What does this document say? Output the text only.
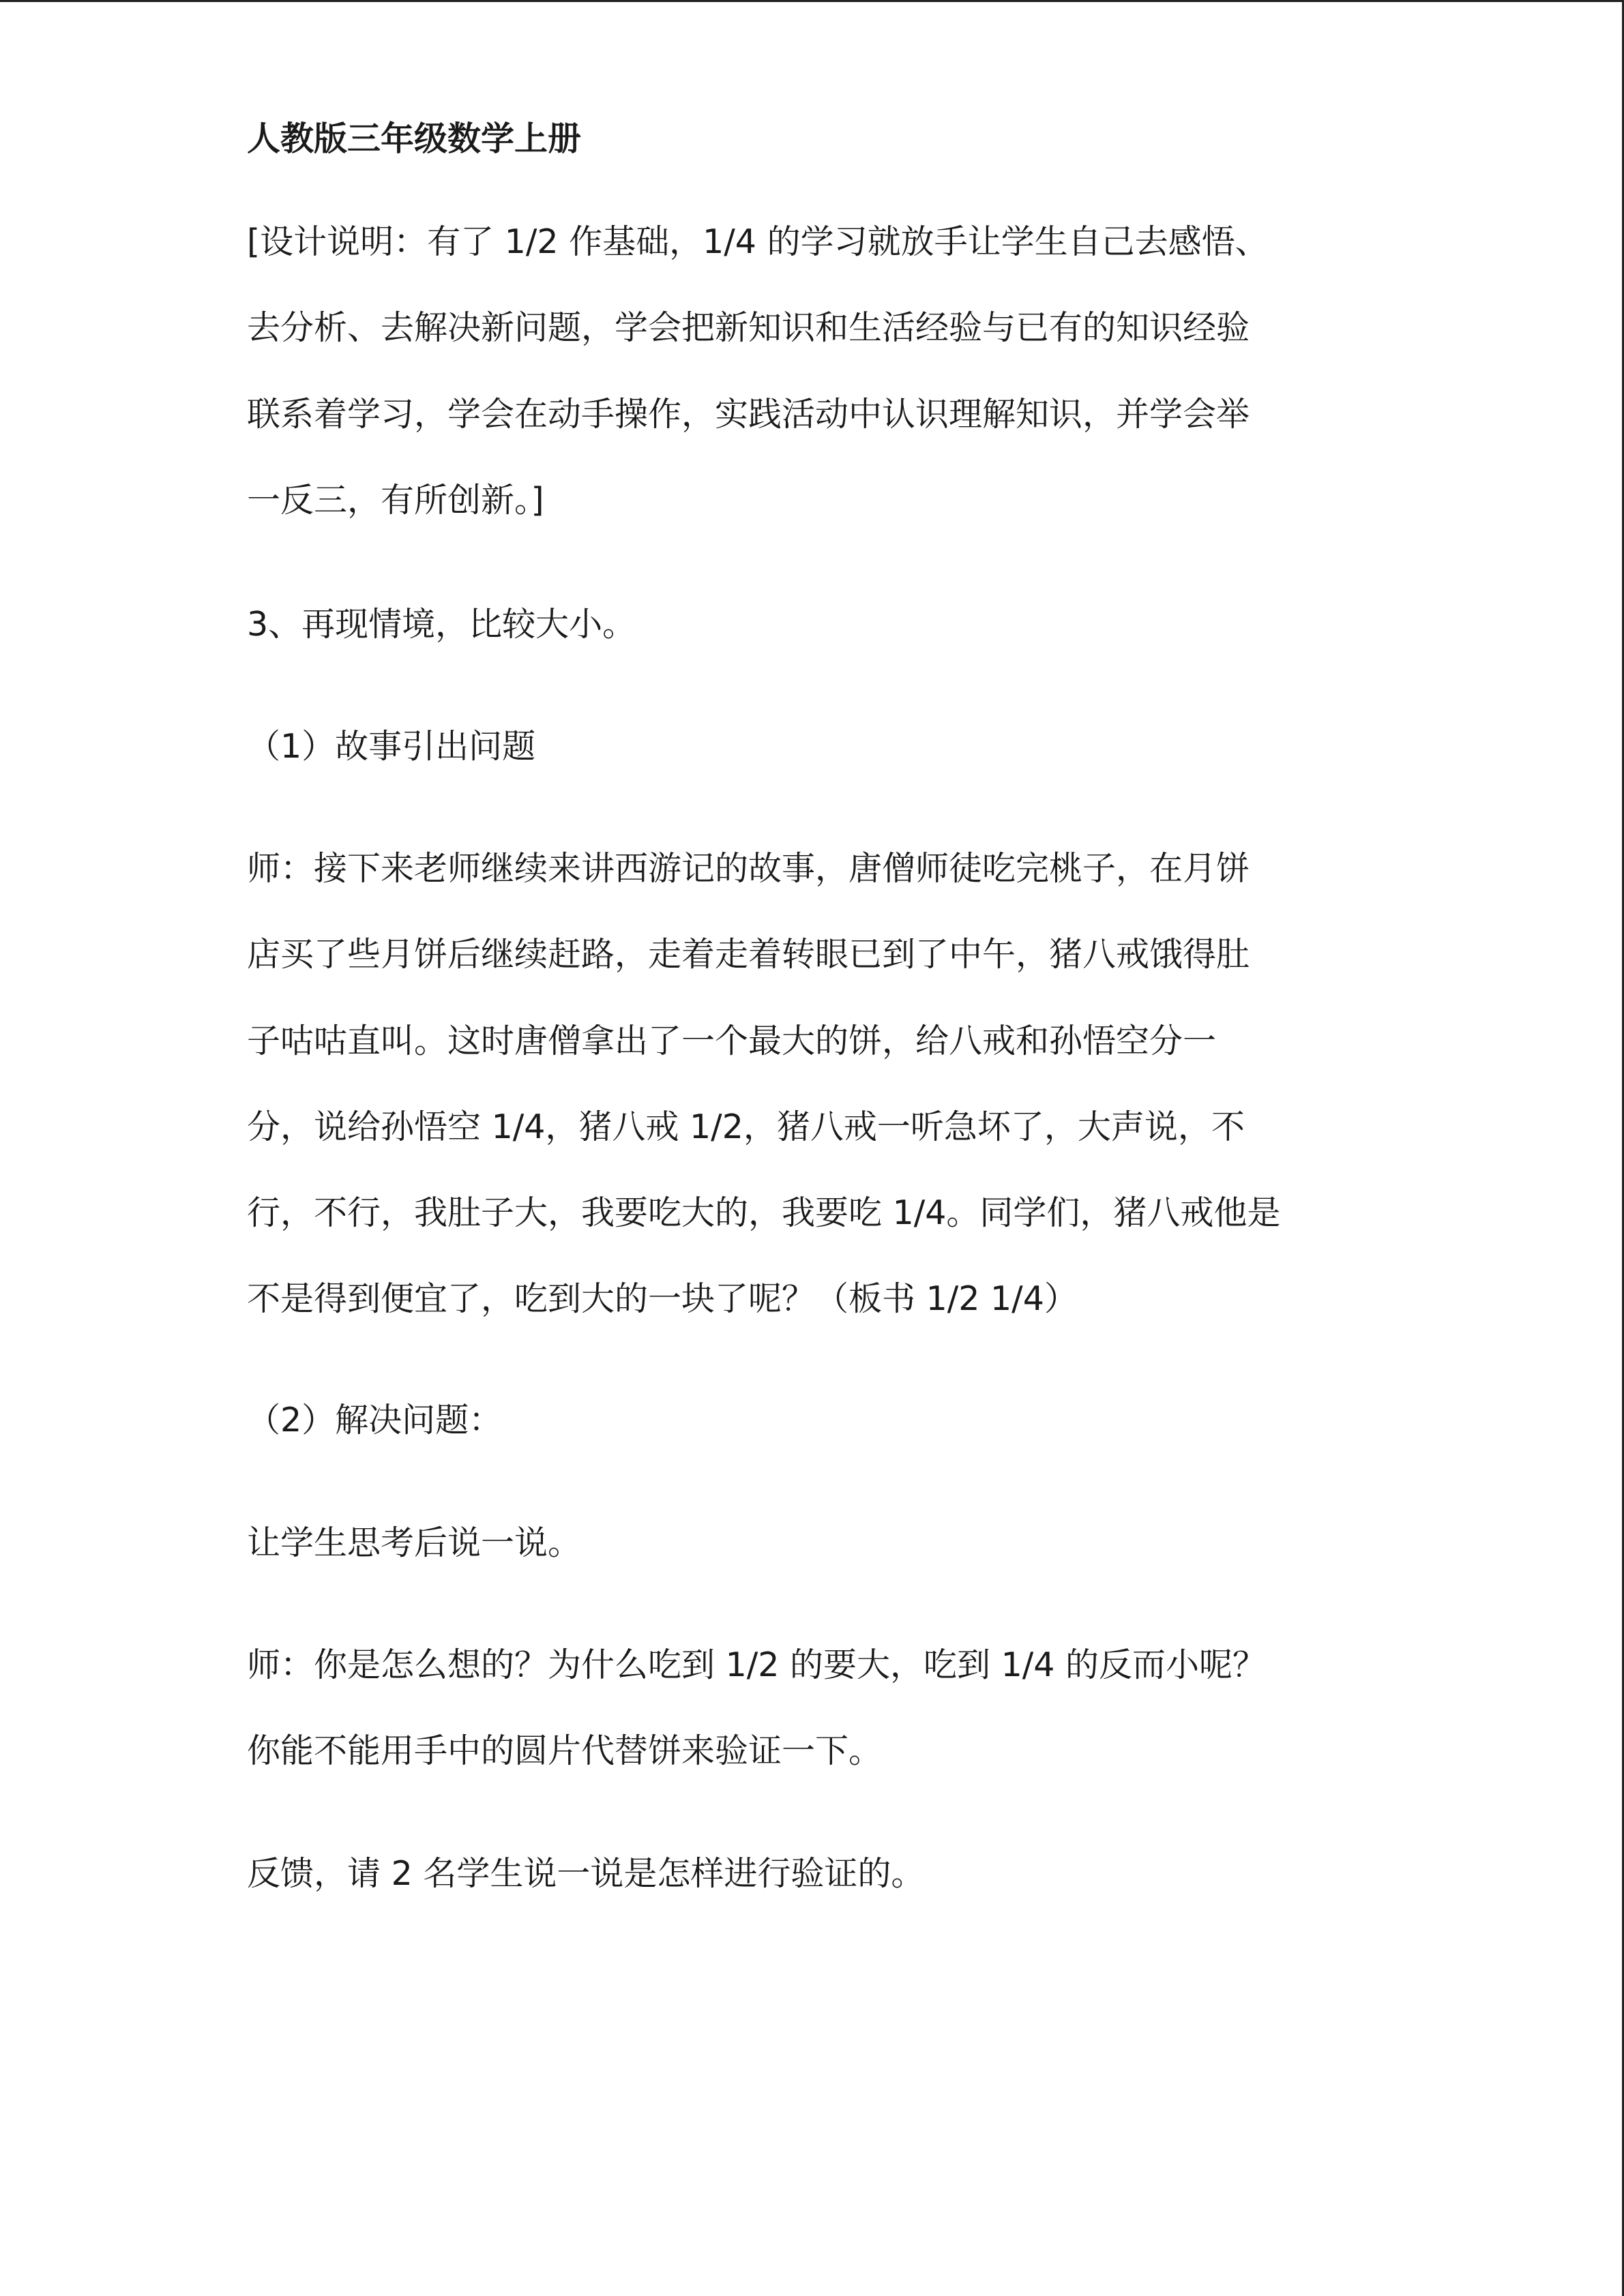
人教版三年级数学上册
[设计说明：有了 1/2 作基础，1/4 的学习就放手让学生自己去感悟、
去分析、去解决新问题，学会把新知识和生活经验与已有的知识经验
联系着学习，学会在动手操作，实践活动中认识理解知识，并学会举
一反三，有所创新。]
3、再现情境，比较大小。
（1）故事引出问题
师：接下来老师继续来讲西游记的故事，唐僧师徒吃完桃子，在月饼
店买了些月饼后继续赶路，走着走着转眼已到了中午，猪八戒饿得肚
子咕咕直叫。这时唐僧拿出了一个最大的饼，给八戒和孙悟空分一
分，说给孙悟空 1/4，猪八戒 1/2，猪八戒一听急坏了，大声说，不
行，不行，我肚子大，我要吃大的，我要吃 1/4。同学们，猪八戒他是
不是得到便宜了，吃到大的一块了呢？（板书 1/2 1/4）
（2）解决问题：
让学生思考后说一说。
师：你是怎么想的？为什么吃到 1/2 的要大，吃到 1/4 的反而小呢？
你能不能用手中的圆片代替饼来验证一下。
反馈，请 2 名学生说一说是怎样进行验证的。
